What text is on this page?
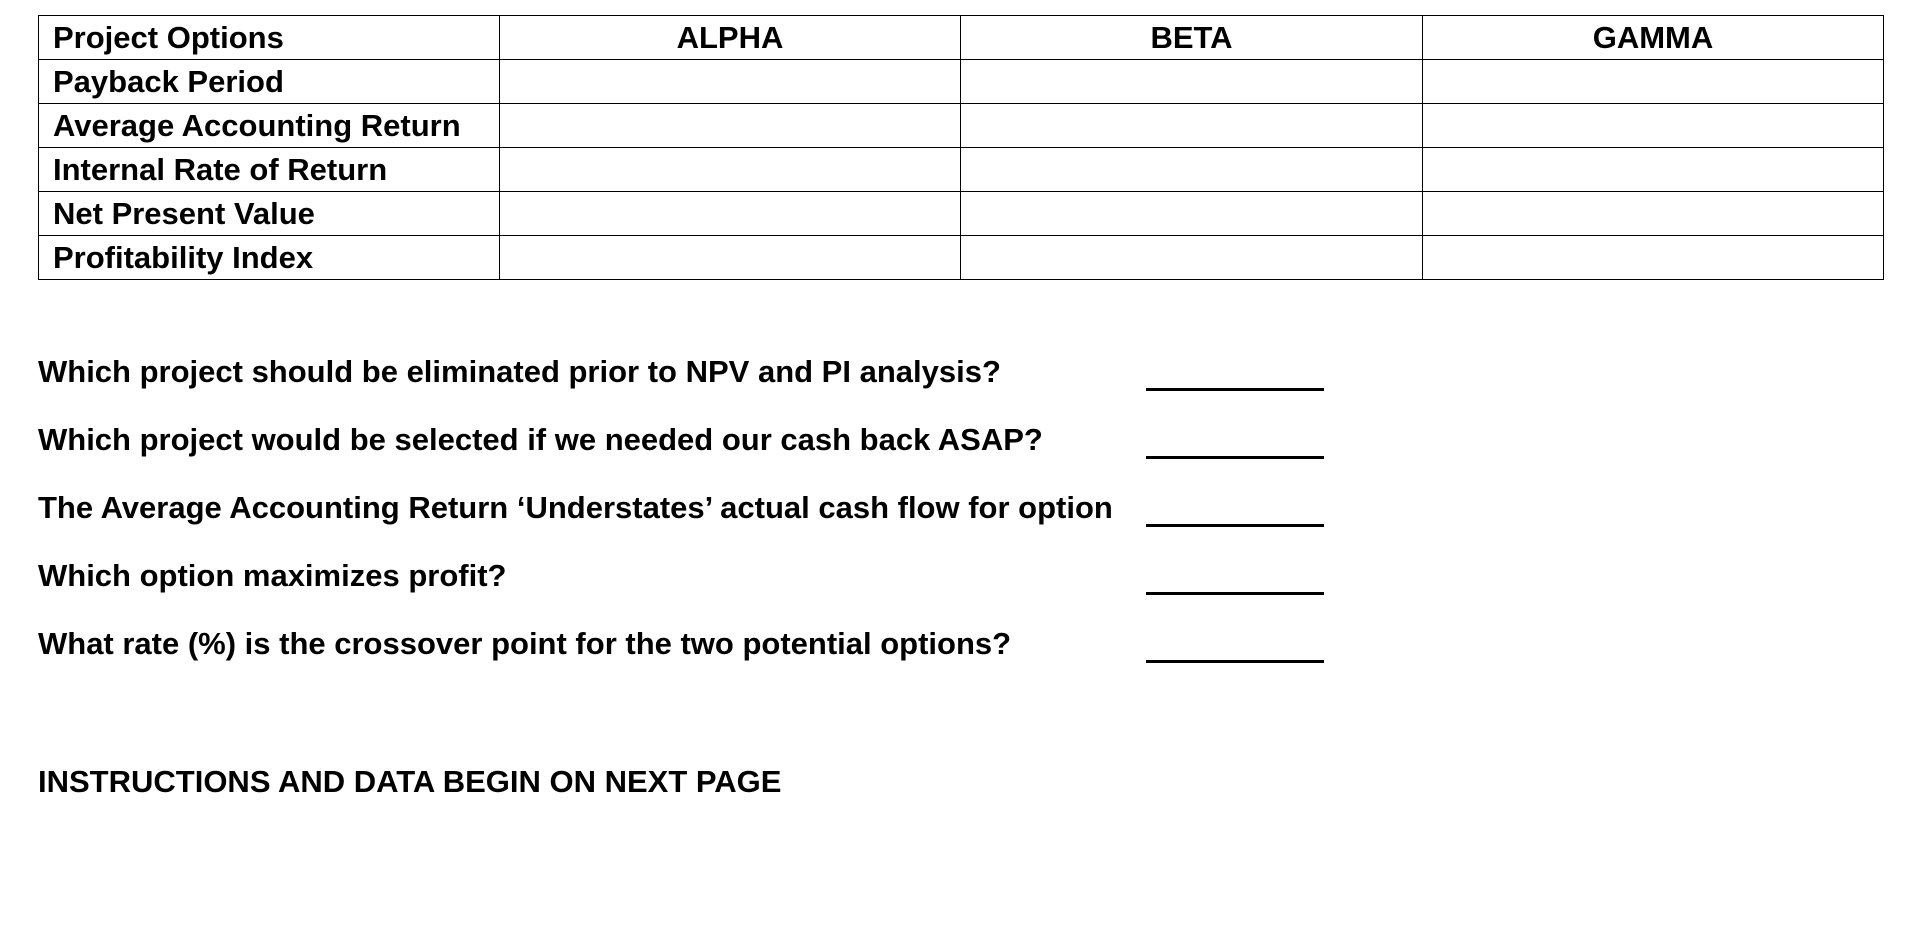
Project Options	ALPHA	BETA	GAMMA
Payback Period			
Average Accounting Return			
Internal Rate of Return			
Net Present Value			
Profitability Index			
Which project should be eliminated prior to NPV and PI analysis?
Which project would be selected if we needed our cash back ASAP?
The Average Accounting Return ‘Understates’ actual cash flow for option
Which option maximizes profit?
What rate (%) is the crossover point for the two potential options?
INSTRUCTIONS AND DATA BEGIN ON NEXT PAGE
